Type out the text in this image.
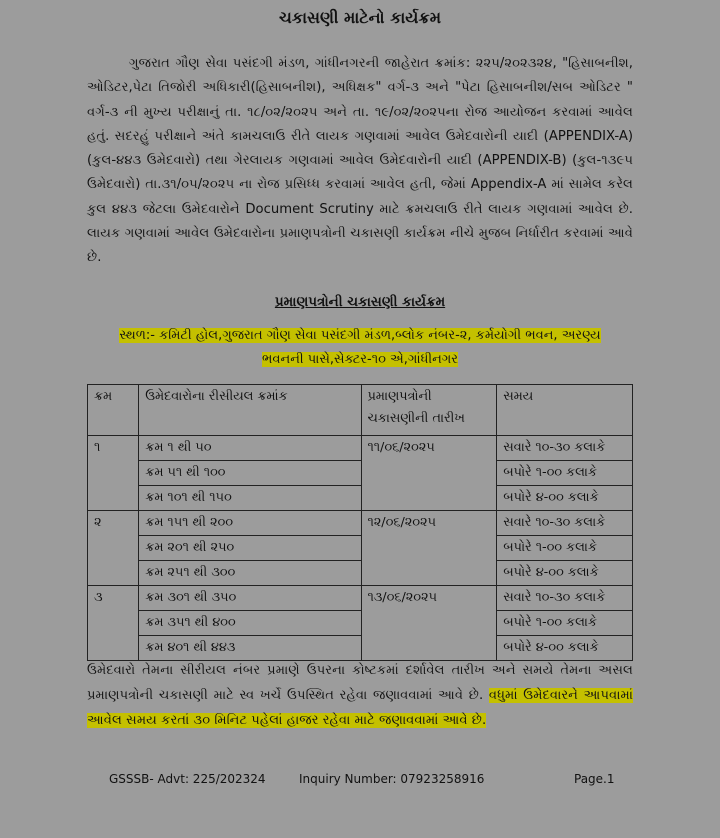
ચકાસણી માટેનો કાર્યક્રમ
ગુજરાત ગૌણ સેવા પસંદગી મંડળ, ગાંધીનગરની જાહેરાત ક્રમાંક: ૨૨૫/૨૦૨૩૨૪, "હિસાબનીશ, ઓડિટર,પેટા તિજોરી અધિકારી(હિસાબનીશ), અધિક્ષક" વર્ગ-૩ અને "પેટા હિસાબનીશ/સબ ઓડિટર " વર્ગ-૩ ની મુખ્ય પરીક્ષાનું તા. ૧૮/૦૨/૨૦૨૫ અને તા. ૧૯/૦૨/૨૦૨૫ના રોજ આયોજન કરવામાં આવેલ હતું. સદરહું પરીક્ષાને અંતે કામચલાઉ રીતે લાયક ગણવામાં આવેલ ઉમેદવારોની યાદી (APPENDIX-A) (કુલ-૪૪૩ ઉમેદવારો) તથા ગેરલાયક ગણવામાં આવેલ ઉમેદવારોની યાદી (APPENDIX-B) (કુલ-૧૩૯૫ ઉમેદવારો) તા.૩૧/૦૫/૨૦૨૫ ના રોજ પ્રસિધ્ધ કરવામાં આવેલ હતી, જેમાં Appendix-A માં સામેલ કરેલ કુલ ૪૪૩ જેટલા ઉમેદવારોને Document Scrutiny માટે ક્રમચલાઉ રીતે લાયક ગણવામાં આવેલ છે. લાયક ગણવામાં આવેલ ઉમેદવારોના પ્રમાણપત્રોની ચકાસણી કાર્યક્રમ નીચે મુજબ નિર્ધારીત કરવામાં આવે છે.
પ્રમાણપત્રોની ચકાસણી કાર્યક્રમ
સ્થળ:- કમિટી હોલ,ગુજરાત ગૌણ સેવા પસંદગી મંડળ,બ્લોક નંબર-૨, કર્મયોગી ભવન, અરણ્ય ભવનની પાસે,સેક્ટર-૧૦ એ,ગાંધીનગર
ક્રમ	ઉમેદવારોના રીસીયલ ક્રમાંક	પ્રમાણપત્રોની ચકાસણીની તારીખ	સમય
૧	ક્રમ ૧ થી ૫૦	૧૧/૦૬/૨૦૨૫	સવારે ૧૦-૩૦ કલાકે
	ક્રમ ૫૧ થી ૧૦૦		બપોરે ૧-૦૦ કલાકે
	ક્રમ ૧૦૧ થી ૧૫૦		બપોરે ૪-૦૦ કલાકે
૨	ક્રમ ૧૫૧ થી ૨૦૦	૧૨/૦૬/૨૦૨૫	સવારે ૧૦-૩૦ કલાકે
	ક્રમ ૨૦૧ થી ૨૫૦		બપોરે ૧-૦૦ કલાકે
	ક્રમ ૨૫૧ થી ૩૦૦		બપોરે ૪-૦૦ કલાકે
૩	ક્રમ ૩૦૧ થી ૩૫૦	૧૩/૦૬/૨૦૨૫	સવારે ૧૦-૩૦ કલાકે
	ક્રમ ૩૫૧ થી ૪૦૦		બપોરે ૧-૦૦ કલાકે
	ક્રમ ૪૦૧ થી ૪૪૩		બપોરે ૪-૦૦ કલાકે
ઉમેદવારો તેમના સીરીયલ નંબર પ્રમાણે ઉપરના કોષ્ટકમાં દર્શાવેલ તારીખ અને સમયે તેમના અસલ પ્રમાણપત્રોની ચકાસણી માટે સ્વ ખર્ચે ઉપસ્થિત રહેવા જણાવવામાં આવે છે. વધુમાં ઉમેદવારને આપવામાં આવેલ સમય કરતાં ૩૦ મિનિટ પહેલાં હાજર રહેવા માટે જણાવવામાં આવે છે.
GSSSB- Advt: 225/202324	Inquiry Number: 07923258916	Page.1
